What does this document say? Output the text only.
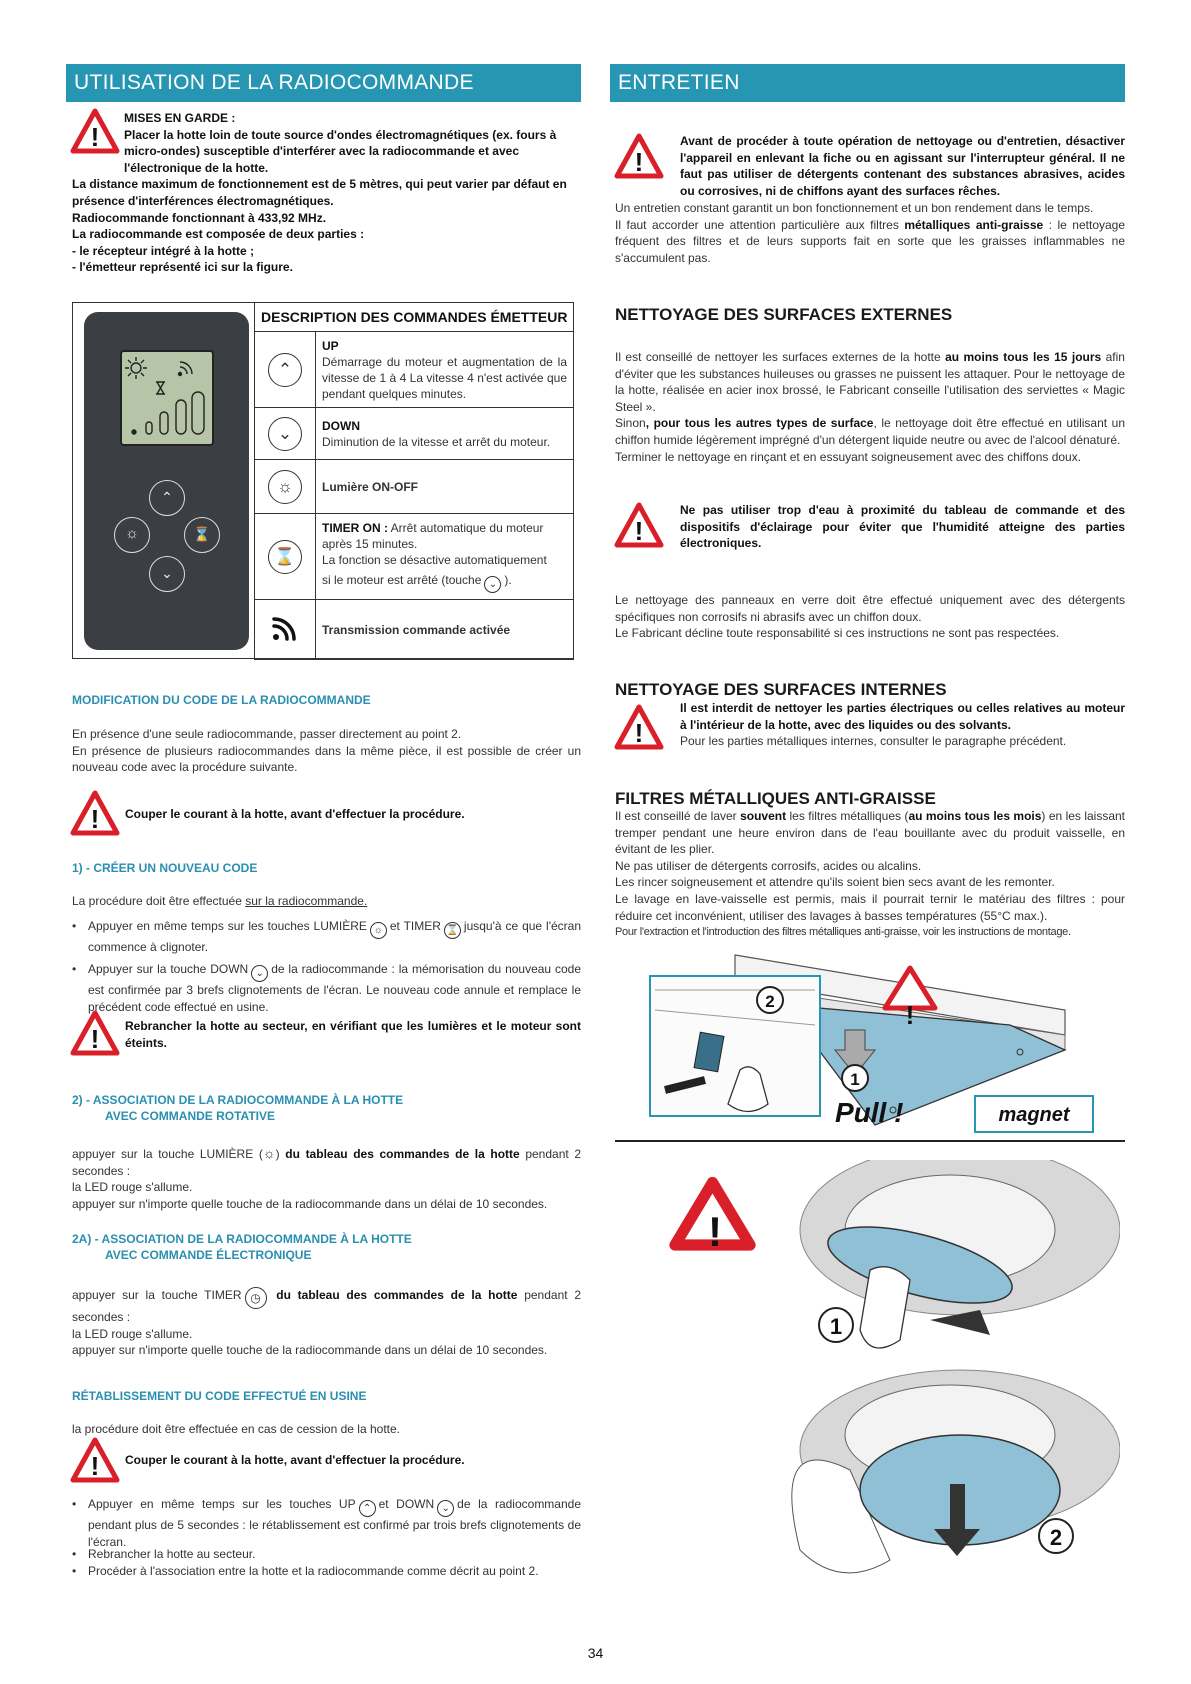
UTILISATION DE LA RADIOCOMMANDE
!
MISES EN GARDE :
Placer la hotte loin de toute source d'ondes électromagnétiques (ex. fours à micro-ondes) susceptible d'interférer avec la radiocommande et avec l'électronique de la hotte.
La distance maximum de fonctionnement est de 5 mètres, qui peut varier par défaut en présence d'interférences électromagnétiques.
Radiocommande fonctionnant à 433,92 MHz.
La radiocommande est composée de deux parties :
- le récepteur intégré à la hotte ;
- l'émetteur représenté ici sur la figure.
⌃
☼	⌛
⌄
DESCRIPTION DES COMMANDES ÉMETTEUR	

⌃	UP
Démarrage du moteur et augmentation de la vitesse de 1 à 4 La vitesse 4 n'est activée que pendant quelques minutes.

⌄	DOWN
Diminution de la vitesse et arrêt du moteur.

☼	Lumière ON-OFF

⌛	TIMER ON : Arrêt automatique du moteur après 15 minutes.
La fonction se désactive automatiquement
si le moteur est arrêté (touche ⌄ ).

	Transmission commande activée
MODIFICATION DU CODE DE LA RADIOCOMMANDE
En présence d'une seule radiocommande, passer directement au point 2.
En présence de plusieurs radiocommandes dans la même pièce, il est possible de créer un nouveau code avec la procédure suivante.
! Couper le courant à la hotte, avant d'effectuer la procédure.
1) - CRÉER UN NOUVEAU CODE
La procédure doit être effectuée sur la radiocommande.
• Appuyer en même temps sur les touches LUMIÈRE ☼ et TIMER ⌛ jusqu'à ce que l'écran commence à clignoter.
• Appuyer sur la touche DOWN ⌄ de la radiocommande : la mémorisation du nouveau code est confirmée par 3 brefs clignotements de l'écran. Le nouveau code annule et remplace le précédent code effectué en usine.
! Rebrancher la hotte au secteur, en vérifiant que les lumières et le moteur sont éteints.
2) - ASSOCIATION DE LA RADIOCOMMANDE À LA HOTTE
AVEC COMMANDE ROTATIVE
appuyer sur la touche LUMIÈRE (☼) du tableau des commandes de la hotte pendant 2 secondes :
la LED rouge s'allume.
appuyer sur n'importe quelle touche de la radiocommande dans un délai de 10 secondes.
2A) - ASSOCIATION DE LA RADIOCOMMANDE À LA HOTTE
AVEC COMMANDE ÉLECTRONIQUE
appuyer sur la touche TIMER ◷ du tableau des commandes de la hotte pendant 2 secondes :
la LED rouge s'allume.
appuyer sur n'importe quelle touche de la radiocommande dans un délai de 10 secondes.
RÉTABLISSEMENT DU CODE EFFECTUÉ EN USINE
la procédure doit être effectuée en cas de cession de la hotte.
! Couper le courant à la hotte, avant d'effectuer la procédure.
• Appuyer en même temps sur les touches UP ⌃ et DOWN ⌄ de la radiocommande pendant plus de 5 secondes : le rétablissement est confirmé par trois brefs clignotements de l'écran.
• Rebrancher la hotte au secteur.
• Procéder à l'association entre la hotte et la radiocommande comme décrit au point 2.
ENTRETIEN
!
Avant de procéder à toute opération de nettoyage ou d'entretien, désactiver l'appareil en enlevant la fiche ou en agissant sur l'interrupteur général. Il ne faut pas utiliser de détergents contenant des substances abrasives, acides ou corrosives, ni de chiffons ayant des surfaces rêches.
Un entretien constant garantit un bon fonctionnement et un bon rendement dans le temps.
Il faut accorder une attention particulière aux filtres métalliques anti-graisse : le nettoyage fréquent des filtres et de leurs supports fait en sorte que les graisses inflammables ne s'accumulent pas.
NETTOYAGE DES SURFACES EXTERNES
Il est conseillé de nettoyer les surfaces externes de la hotte au moins tous les 15 jours afin d'éviter que les substances huileuses ou grasses ne puissent les attaquer. Pour le nettoyage de la hotte, réalisée en acier inox brossé, le Fabricant conseille l'utilisation des serviettes « Magic Steel ».
Sinon, pour tous les autres types de surface, le nettoyage doit être effectué en utilisant un chiffon humide légèrement imprégné d'un détergent liquide neutre ou avec de l'alcool dénaturé.
Terminer le nettoyage en rinçant et en essuyant soigneusement avec des chiffons doux.
!
Ne pas utiliser trop d'eau à proximité du tableau de commande et des dispositifs d'éclairage pour éviter que l'humidité atteigne des parties électroniques.
Le nettoyage des panneaux en verre doit être effectué uniquement avec des détergents spécifiques non corrosifs ni abrasifs avec un chiffon doux.
Le Fabricant décline toute responsabilité si ces instructions ne sont pas respectées.
NETTOYAGE DES SURFACES INTERNES
!
Il est interdit de nettoyer les parties électriques ou celles relatives au moteur à l'intérieur de la hotte, avec des liquides ou des solvants.
Pour les parties métalliques internes, consulter le paragraphe précédent.
FILTRES MÉTALLIQUES ANTI-GRAISSE
Il est conseillé de laver souvent les filtres métalliques (au moins tous les mois) en les laissant tremper pendant une heure environ dans de l'eau bouillante avec du produit vaisselle, en évitant de les plier.
Ne pas utiliser de détergents corrosifs, acides ou alcalins.
Les rincer soigneusement et attendre qu'ils soient bien secs avant de les remonter.
Le lavage en lave-vaisselle est permis, mais il pourrait ternir le matériau des filtres : pour réduire cet inconvénient, utiliser des lavages à basses températures (55°C max.).
Pour l'extraction et l'introduction des filtres métalliques anti-graisse, voir les instructions de montage.
!
2
1
Pull !	magnet
!
1
2
34
